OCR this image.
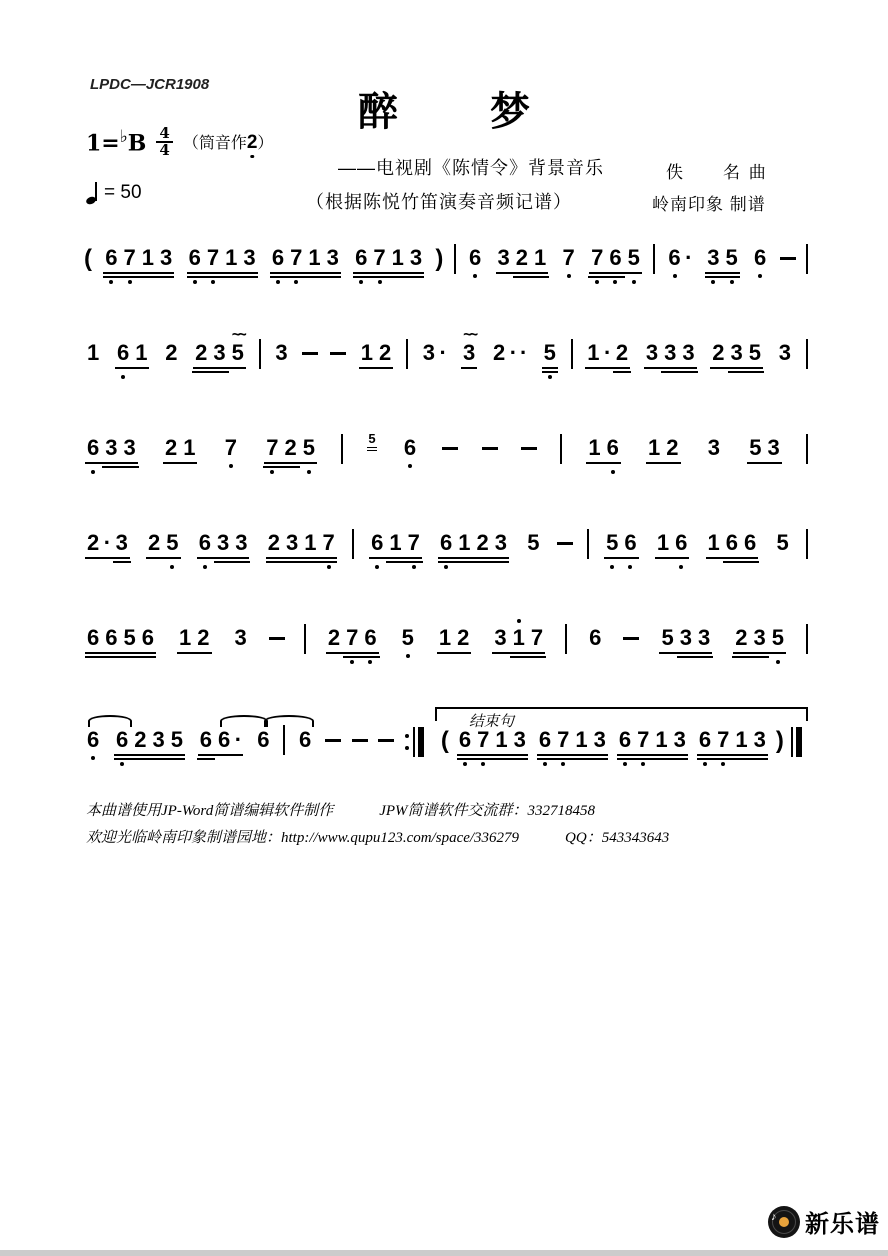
LPDC—JCR1908
醉 梦
$1=^♭B \frac{4}{4}$ （筒音作2
）
= 50
——电视剧《陈情令》背景音乐
（根据陈悦竹笛演奏音频记谱）
佚　　名 曲
岭南印象 制谱
( 6 7 1 3 6 7 1 3 6 7 1 3 6 7 1 3 ) 6 3 2 1 7 7 6 5 6 · 3 5 6
1 6 1 2 2 3 5
~~
3	1 2 3 · 3
~~
2 · · 5 1 · 2 3 3 3 2 3 5 3
6 3 3 2 1 7 7 2 5	5 6	1 6 1 2 3 5 3
2 · 3 2 5 6 3 3 2 3 1 7 6 1 7 6 1 2 3 5	5 6 1 6 1 6 6 5
6 6 5 6 1 2 3	2 7 6 5 1 2 3 1 7 6	5 3 3 2 3 5
6 6 2 3 5 6 6 · 6 6
结束句
( 6 7 1 3 6 7 1 3 6 7 1 3 6 7 1 3 )
本曲谱使用JP-Word简谱编辑软件制作	JPW简谱软件交流群：332718458
欢迎光临岭南印象制谱园地：http://www.qupu123.com/space/336279	QQ：543343643
♪ 新乐谱
